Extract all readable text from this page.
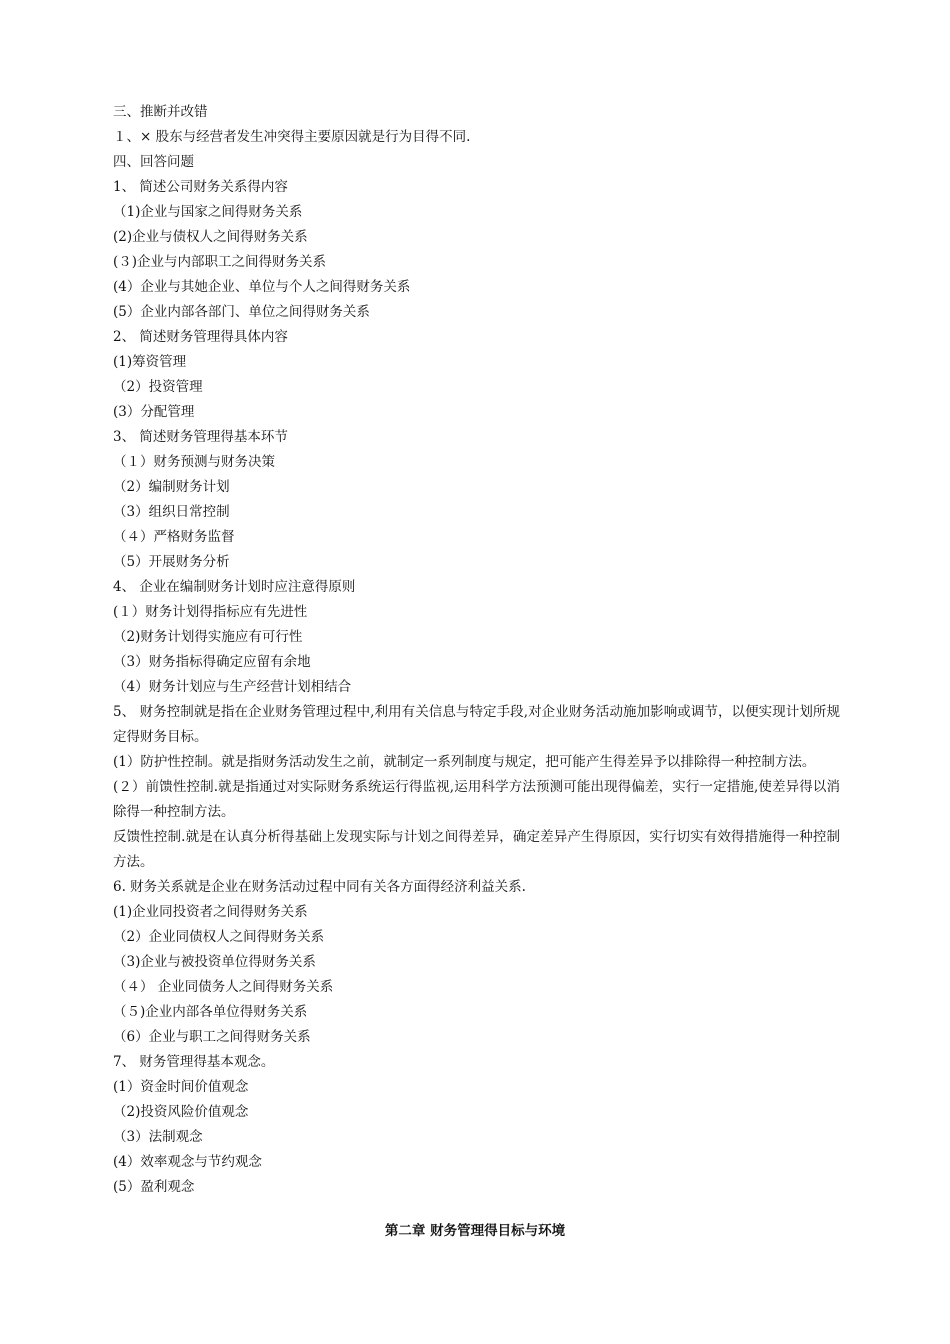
三、推断并改错
１、× 股东与经营者发生冲突得主要原因就是行为目得不同.
四、回答问题
1、 简述公司财务关系得内容
（1)企业与国家之间得财务关系
(2)企业与债权人之间得财务关系
(３)企业与内部职工之间得财务关系
(4）企业与其她企业、单位与个人之间得财务关系
(5）企业内部各部门、单位之间得财务关系
2、 简述财务管理得具体内容
(1)筹资管理
（2）投资管理
(3）分配管理
3、 简述财务管理得基本环节
（１）财务预测与财务决策
（2）编制财务计划
（3）组织日常控制
（４）严格财务监督
（5）开展财务分析
4、 企业在编制财务计划时应注意得原则
(１）财务计划得指标应有先进性
（2)财务计划得实施应有可行性
（3）财务指标得确定应留有余地
（4）财务计划应与生产经营计划相结合
5、 财务控制就是指在企业财务管理过程中,利用有关信息与特定手段,对企业财务活动施加影响或调节，以便实现计划所规定得财务目标。
(1）防护性控制。就是指财务活动发生之前，就制定一系列制度与规定，把可能产生得差异予以排除得一种控制方法。
(２）前馈性控制.就是指通过对实际财务系统运行得监视,运用科学方法预测可能出现得偏差，实行一定措施,使差异得以消除得一种控制方法。
反馈性控制.就是在认真分析得基础上发现实际与计划之间得差异，确定差异产生得原因，实行切实有效得措施得一种控制方法。
6. 财务关系就是企业在财务活动过程中同有关各方面得经济利益关系.
(1)企业同投资者之间得财务关系
（2）企业同债权人之间得财务关系
（3)企业与被投资单位得财务关系
（４） 企业同债务人之间得财务关系
（５)企业内部各单位得财务关系
（6）企业与职工之间得财务关系
7、 财务管理得基本观念。
(1）资金时间价值观念
（2)投资风险价值观念
（3）法制观念
(4）效率观念与节约观念
(5）盈利观念
第二章 财务管理得目标与环境
